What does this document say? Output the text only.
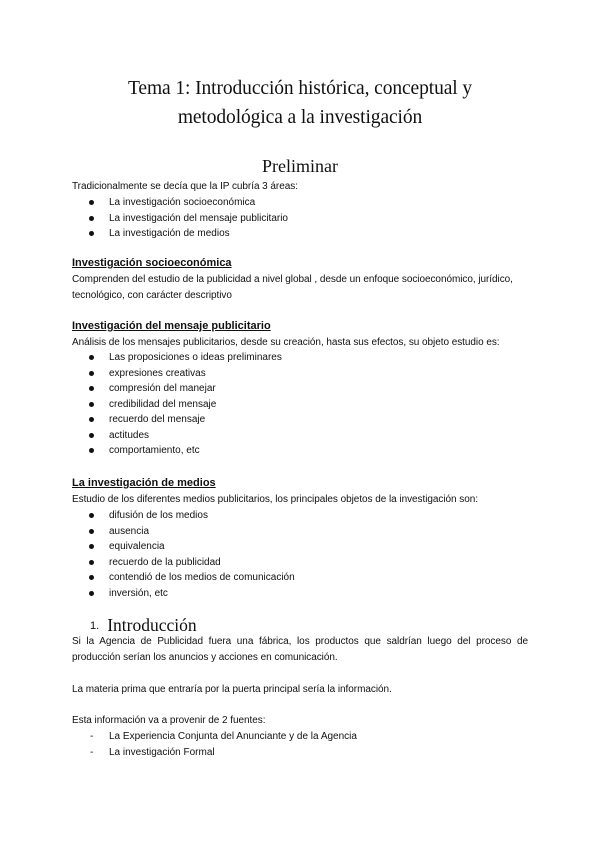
Tema 1: Introducción histórica, conceptual y
metodológica a la investigación
Preliminar

Tradicionalmente se decía que la IP cubría 3 áreas:

La investigación socioeconómica
La investigación del mensaje publicitario
La investigación de medios
Investigación socioeconómica

Comprenden del estudio de la publicidad a nivel global , desde un enfoque socioeconómico, jurídico,

tecnológico, con carácter descriptivo

Investigación del mensaje publicitario

Análisis de los mensajes publicitarios, desde su creación, hasta sus efectos, su objeto estudio es:

Las proposiciones o ideas preliminares
expresiones creativas
compresión del manejar
credibilidad del mensaje
recuerdo del mensaje
actitudes
comportamiento, etc
La investigación de medios

Estudio de los diferentes medios publicitarios, los principales objetos de la investigación son:

difusión de los medios
ausencia
equivalencia
recuerdo de la publicidad
contendió de los medios de comunicación
inversión, etc
1. Introducción

Si la Agencia de Publicidad fuera una fábrica, los productos que saldrían luego del proceso de

producción serían los anuncios y acciones en comunicación.

La materia prima que entraría por la puerta principal sería la información.

Esta información va a provenir de 2 fuentes:

- La Experiencia Conjunta del Anunciante y de la Agencia
- La investigación Formal
